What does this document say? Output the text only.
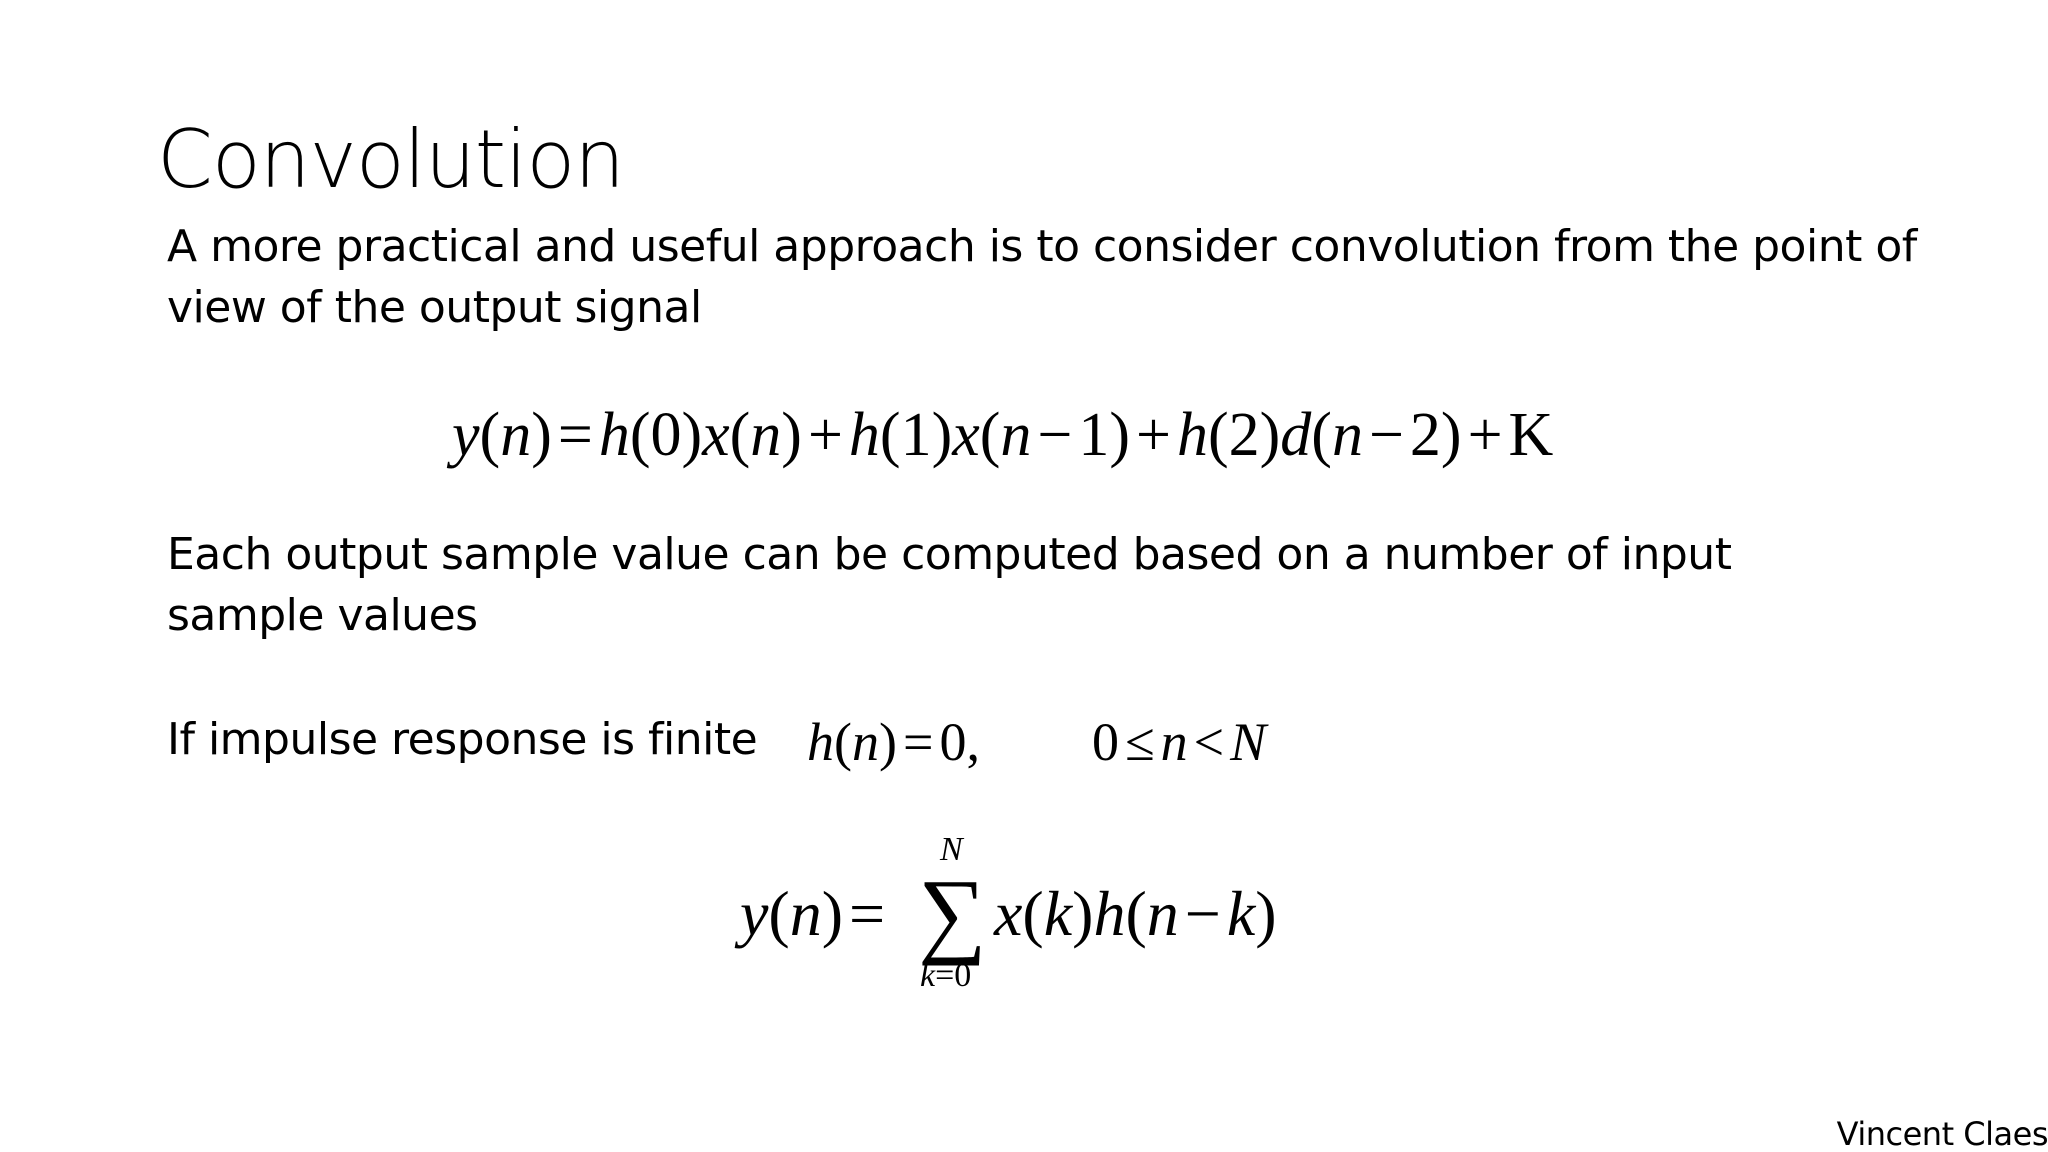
Convolution
A more practical and useful approach is to consider convolution from the point of view of the output signal
y(n)=h(0)x(n)+h(1)x(n−1)+h(2)d(n−2)+K
Each output sample value can be computed based on a number of input sample values
If impulse response is finite h(n) = 0, 0 ≤ n < N
y(n)=
N
∑
k=0
x(k)h(n−k)
Vincent Claes
